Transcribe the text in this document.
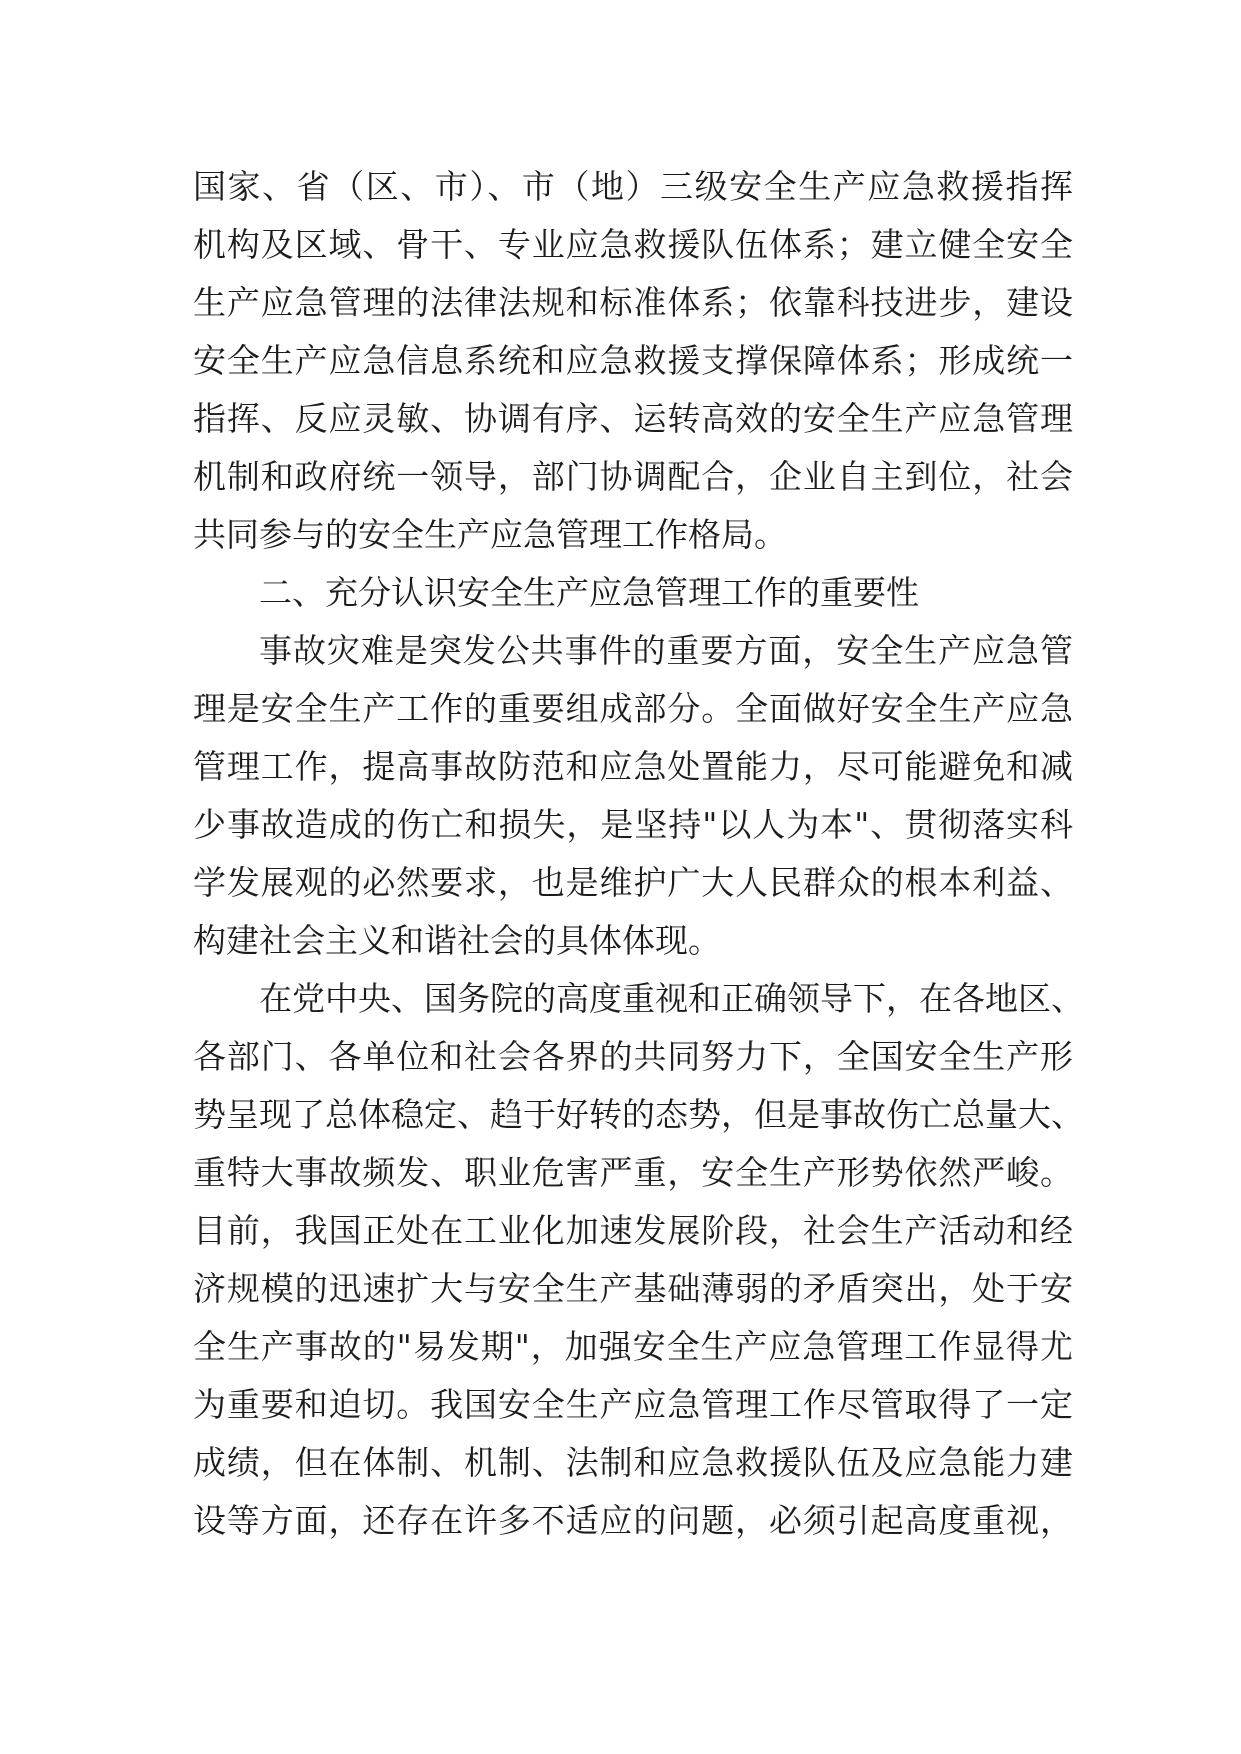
国家、省（区、市）、市（地）三级安全生产应急救援指挥
机构及区域、骨干、专业应急救援队伍体系；建立健全安全
生产应急管理的法律法规和标准体系；依靠科技进步，建设
安全生产应急信息系统和应急救援支撑保障体系；形成统一
指挥、反应灵敏、协调有序、运转高效的安全生产应急管理
机制和政府统一领导，部门协调配合，企业自主到位，社会
共同参与的安全生产应急管理工作格局。
二、充分认识安全生产应急管理工作的重要性
事故灾难是突发公共事件的重要方面，安全生产应急管
理是安全生产工作的重要组成部分。全面做好安全生产应急
管理工作，提高事故防范和应急处置能力，尽可能避免和减
少事故造成的伤亡和损失，是坚持"以人为本"、贯彻落实科
学发展观的必然要求，也是维护广大人民群众的根本利益、
构建社会主义和谐社会的具体体现。
在党中央、国务院的高度重视和正确领导下，在各地区、
各部门、各单位和社会各界的共同努力下，全国安全生产形
势呈现了总体稳定、趋于好转的态势，但是事故伤亡总量大、
重特大事故频发、职业危害严重，安全生产形势依然严峻。
目前，我国正处在工业化加速发展阶段，社会生产活动和经
济规模的迅速扩大与安全生产基础薄弱的矛盾突出，处于安
全生产事故的"易发期"，加强安全生产应急管理工作显得尤
为重要和迫切。我国安全生产应急管理工作尽管取得了一定
成绩，但在体制、机制、法制和应急救援队伍及应急能力建
设等方面，还存在许多不适应的问题，必须引起高度重视，
